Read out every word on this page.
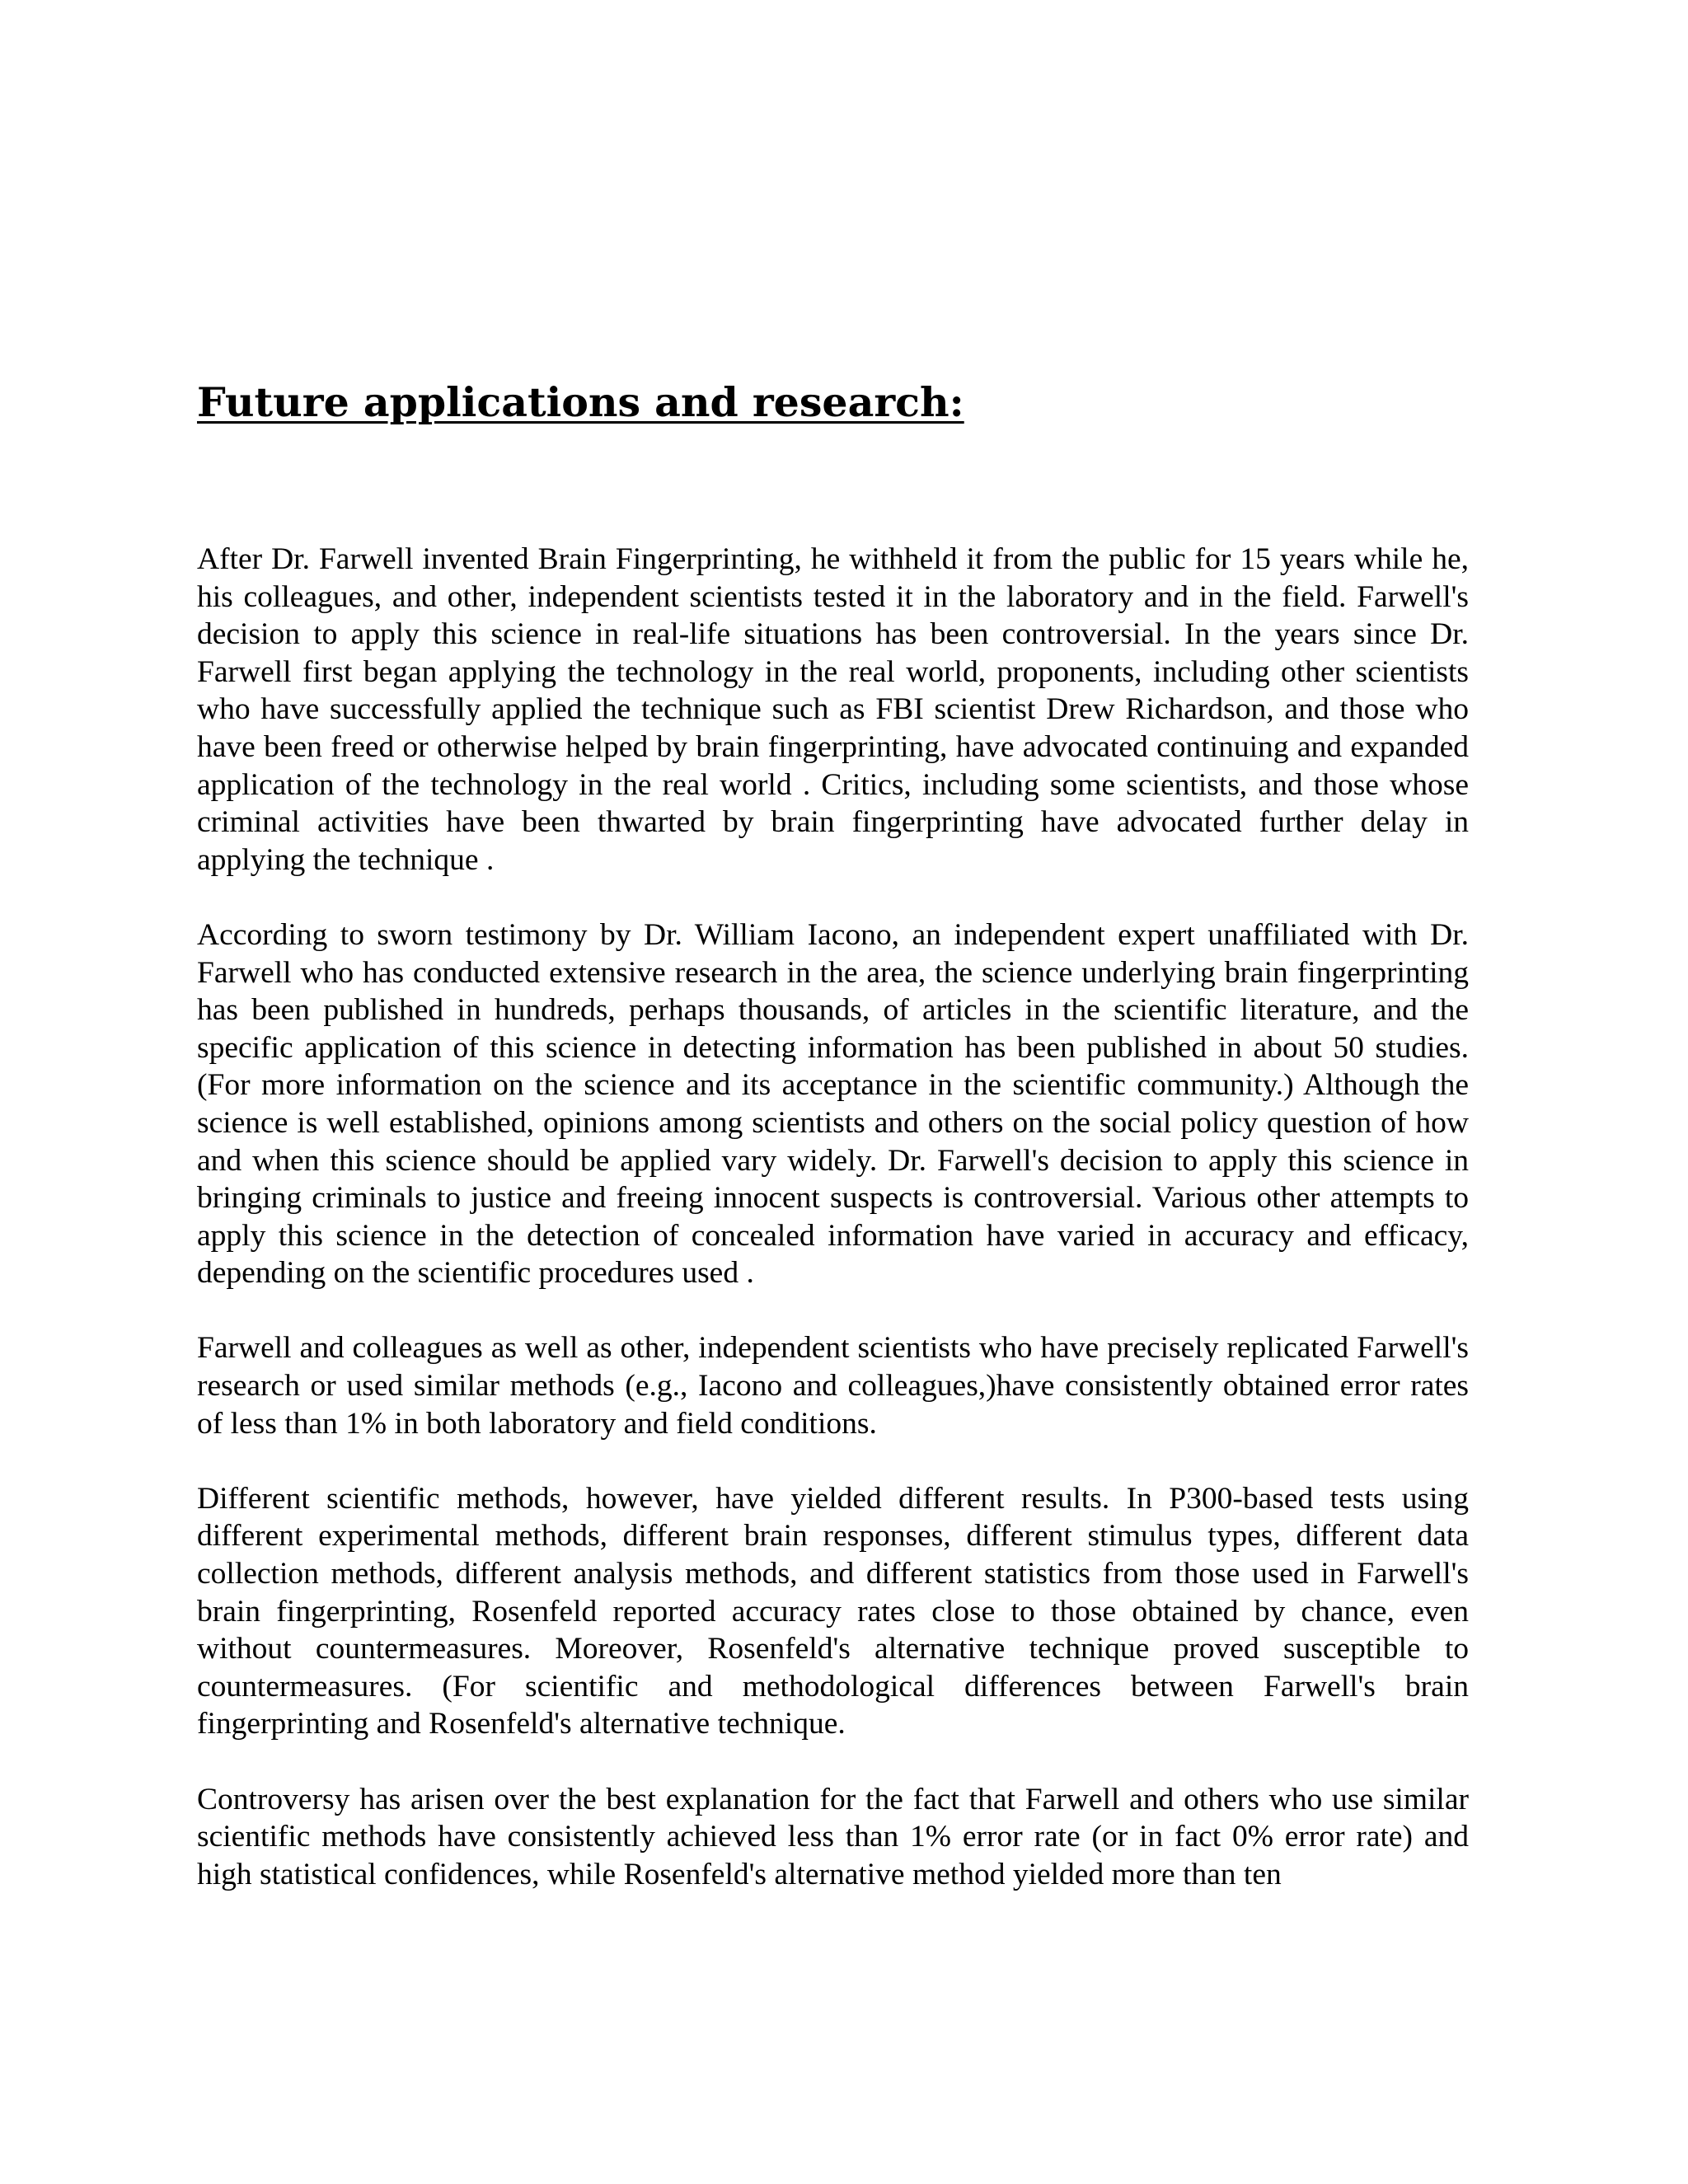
Future applications and research:

After Dr. Farwell invented Brain Fingerprinting, he withheld it from the public for 15 years while he, his colleagues, and other, independent scientists tested it in the laboratory and in the field. Farwell's decision to apply this science in real-life situations has been controversial. In the years since Dr. Farwell first began applying the technology in the real world, proponents, including other scientists who have successfully applied the technique such as FBI scientist Drew Richardson, and those who have been freed or otherwise helped by brain fingerprinting, have advocated continuing and expanded application of the technology in the real world . Critics, including some scientists, and those whose criminal activities have been thwarted by brain fingerprinting have advocated further delay in applying the technique .

According to sworn testimony by Dr. William Iacono, an independent expert unaffiliated with Dr. Farwell who has conducted extensive research in the area, the science underlying brain fingerprinting has been published in hundreds, perhaps thousands, of articles in the scientific literature, and the specific application of this science in detecting information has been published in about 50 studies. (For more information on the science and its acceptance in the scientific community.) Although the science is well established, opinions among scientists and others on the social policy question of how and when this science should be applied vary widely. Dr. Farwell's decision to apply this science in bringing criminals to justice and freeing innocent suspects is controversial. Various other attempts to apply this science in the detection of concealed information have varied in accuracy and efficacy, depending on the scientific procedures used .

Farwell and colleagues as well as other, independent scientists who have precisely replicated Farwell's research or used similar methods (e.g., Iacono and colleagues,)have consistently obtained error rates of less than 1% in both laboratory and field conditions.

Different scientific methods, however, have yielded different results. In P300-based tests using different experimental methods, different brain responses, different stimulus types, different data collection methods, different analysis methods, and different statistics from those used in Farwell's brain fingerprinting, Rosenfeld reported accuracy rates close to those obtained by chance, even without countermeasures. Moreover, Rosenfeld's alternative technique proved susceptible to countermeasures. (For scientific and methodological differences between Farwell's brain fingerprinting and Rosenfeld's alternative technique.

Controversy has arisen over the best explanation for the fact that Farwell and others who use similar scientific methods have consistently achieved less than 1% error rate (or in fact 0% error rate) and high statistical confidences, while Rosenfeld's alternative method yielded more than ten
